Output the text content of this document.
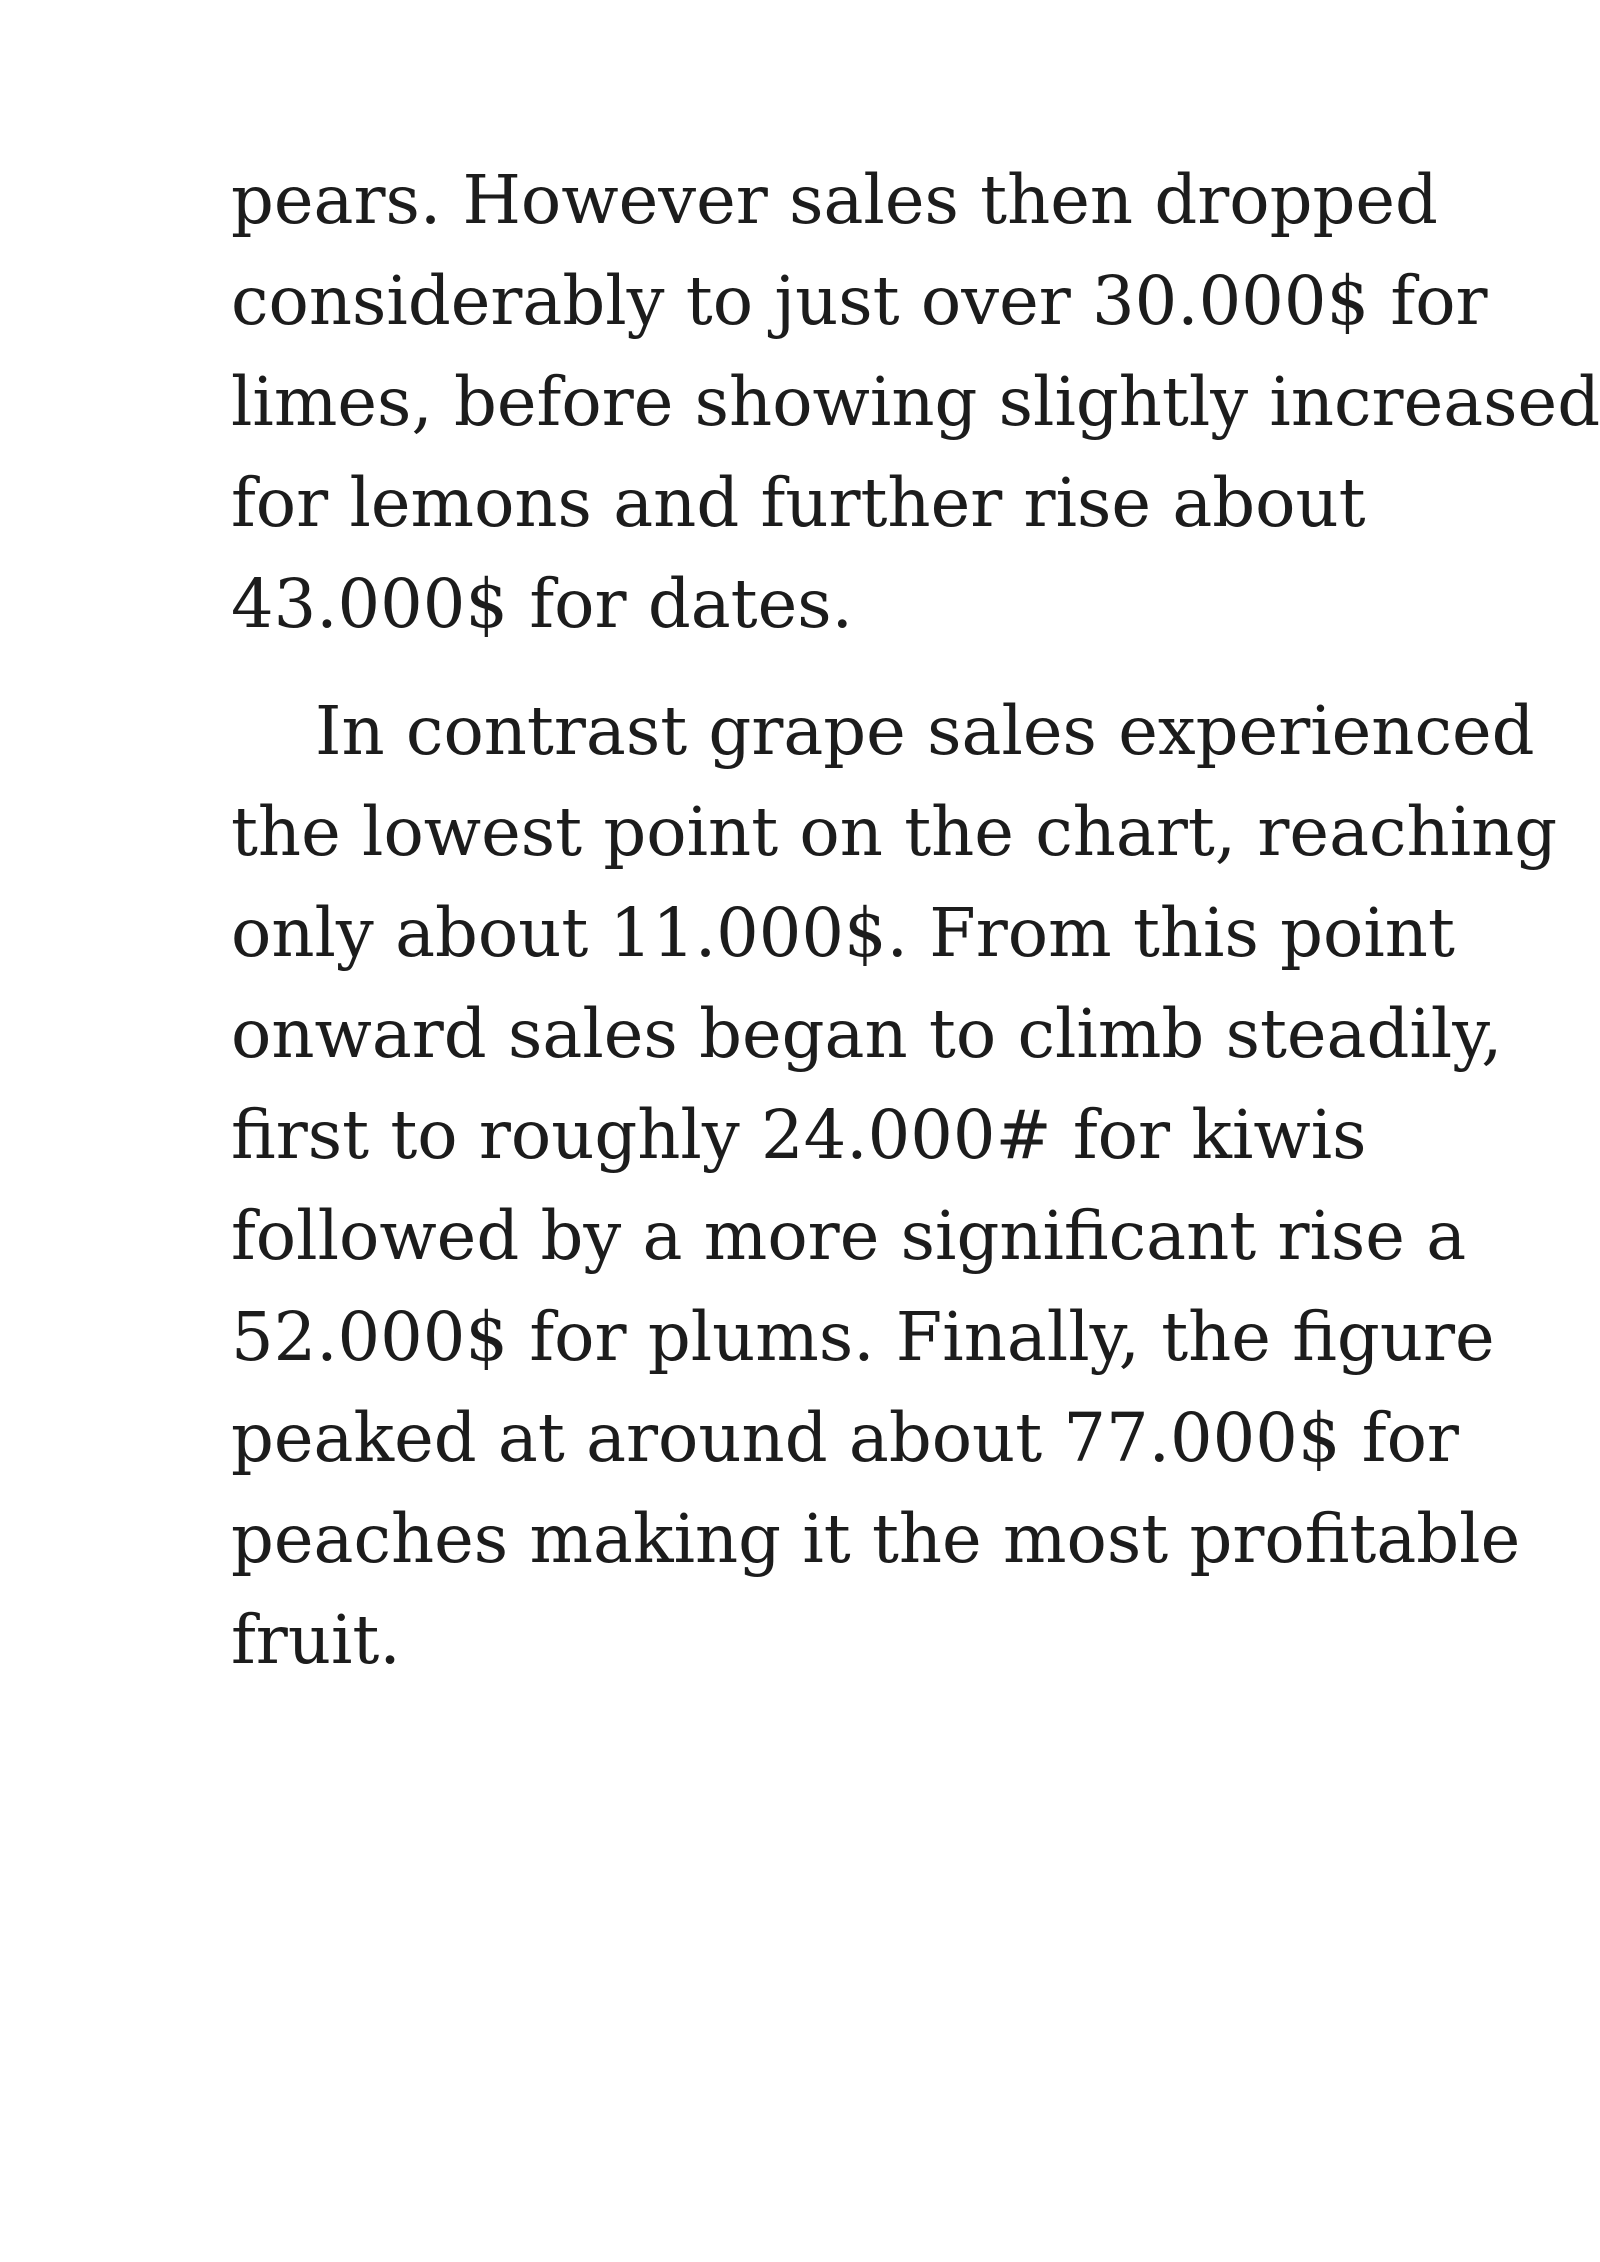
pears. However sales then dropped
considerably to just over 30.000$ for
limes, before showing slightly increased
for lemons and further rise about
43.000$ for dates.
In contrast grape sales experienced
the lowest point on the chart, reaching
only about 11.000$. From this point
onward sales began to climb steadily,
first to roughly 24.000# for kiwis
followed by a more significant rise a
52.000$ for plums. Finally, the figure
peaked at around about 77.000$ for
peaches making it the most profitable
fruit.
